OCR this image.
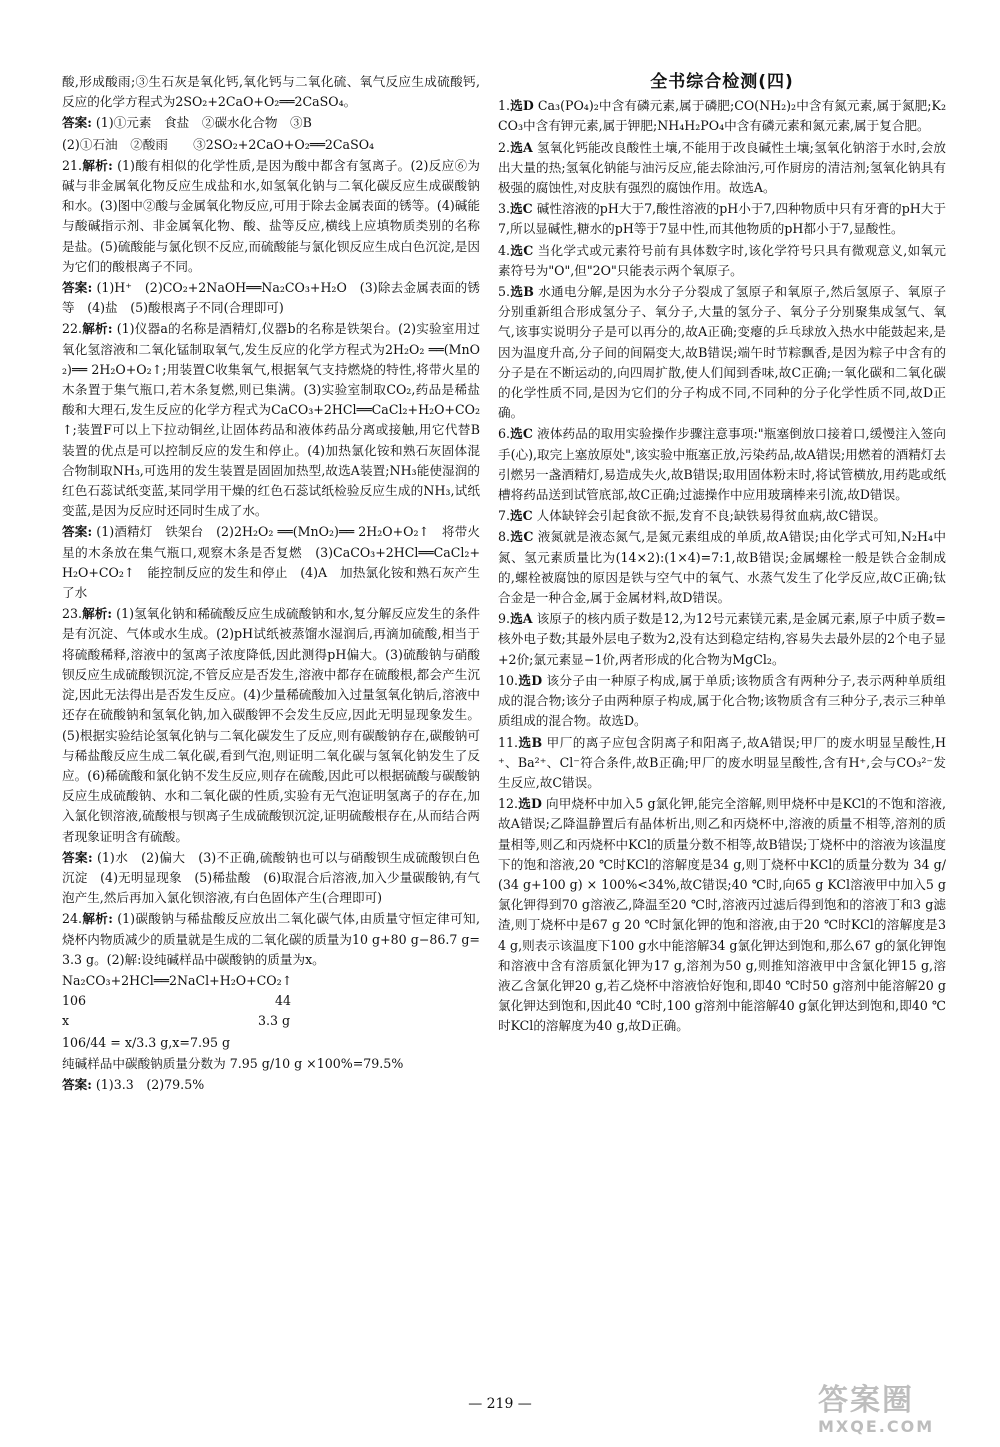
酸,形成酸雨;③生石灰是氧化钙,氧化钙与二氧化硫、氧气反应生成硫酸钙,反应的化学方程式为2SO₂+2CaO+O₂══2CaSO₄。

答案: (1)①元素　食盐　②碳水化合物　③B

(2)①石油　②酸雨　　③2SO₂+2CaO+O₂══2CaSO₄

21.解析: (1)酸有相似的化学性质,是因为酸中都含有氢离子。(2)反应⑥为碱与非金属氧化物反应生成盐和水,如氢氧化钠与二氧化碳反应生成碳酸钠和水。(3)图中②酸与金属氧化物反应,可用于除去金属表面的锈等。(4)碱能与酸碱指示剂、非金属氧化物、酸、盐等反应,横线上应填物质类别的名称是盐。(5)硫酸能与氯化钡不反应,而硫酸能与氯化钡反应生成白色沉淀,是因为它们的酸根离子不同。

答案: (1)H⁺　(2)CO₂+2NaOH══Na₂CO₃+H₂O　(3)除去金属表面的锈等　(4)盐　(5)酸根离子不同(合理即可)

22.解析: (1)仪器a的名称是酒精灯,仪器b的名称是铁架台。(2)实验室用过氧化氢溶液和二氧化锰制取氧气,发生反应的化学方程式为2H₂O₂ ══(MnO₂)══ 2H₂O+O₂↑;用装置C收集氧气,根据氧气支持燃烧的特性,将带火星的木条置于集气瓶口,若木条复燃,则已集满。(3)实验室制取CO₂,药品是稀盐酸和大理石,发生反应的化学方程式为CaCO₃+2HCl══CaCl₂+H₂O+CO₂↑;装置F可以上下拉动铜丝,让固体药品和液体药品分离或接触,用它代替B装置的优点是可以控制反应的发生和停止。(4)加热氯化铵和熟石灰固体混合物制取NH₃,可选用的发生装置是固固加热型,故选A装置;NH₃能使湿润的红色石蕊试纸变蓝,某同学用干燥的红色石蕊试纸检验反应生成的NH₃,试纸变蓝,是因为反应时还同时生成了水。

答案: (1)酒精灯　铁架台　(2)2H₂O₂ ══(MnO₂)══ 2H₂O+O₂↑　将带火星的木条放在集气瓶口,观察木条是否复燃　(3)CaCO₃+2HCl══CaCl₂+H₂O+CO₂↑　能控制反应的发生和停止　(4)A　加热氯化铵和熟石灰产生了水

23.解析: (1)氢氧化钠和稀硫酸反应生成硫酸钠和水,复分解反应发生的条件是有沉淀、气体或水生成。(2)pH试纸被蒸馏水湿润后,再滴加硫酸,相当于将硫酸稀释,溶液中的氢离子浓度降低,因此测得pH偏大。(3)硫酸钠与硝酸钡反应生成硫酸钡沉淀,不管反应是否发生,溶液中都存在硫酸根,都会产生沉淀,因此无法得出是否发生反应。(4)少量稀硫酸加入过量氢氧化钠后,溶液中还存在硫酸钠和氢氧化钠,加入碳酸钾不会发生反应,因此无明显现象发生。(5)根据实验结论氢氧化钠与二氧化碳发生了反应,则有碳酸钠存在,碳酸钠可与稀盐酸反应生成二氧化碳,看到气泡,则证明二氧化碳与氢氧化钠发生了反应。(6)稀硫酸和氯化钠不发生反应,则存在硫酸,因此可以根据硫酸与碳酸钠反应生成硫酸钠、水和二氧化碳的性质,实验有无气泡证明氢离子的存在,加入氯化钡溶液,硫酸根与钡离子生成硫酸钡沉淀,证明硫酸根存在,从而结合两者现象证明含有硫酸。

答案: (1)水　(2)偏大　(3)不正确,硫酸钠也可以与硝酸钡生成硫酸钡白色沉淀　(4)无明显现象　(5)稀盐酸　(6)取混合后溶液,加入少量碳酸钠,有气泡产生,然后再加入氯化钡溶液,有白色固体产生(合理即可)

24.解析: (1)碳酸钠与稀盐酸反应放出二氧化碳气体,由质量守恒定律可知,烧杯内物质减少的质量就是生成的二氧化碳的质量为10 g+80 g−86.7 g=3.3 g。(2)解:设纯碱样品中碳酸钠的质量为x。

Na₂CO₃+2HCl══2NaCl+H₂O+CO₂↑
106　　　　　　　　　　　　　　　44
x　　　　　　　　　　　　　　　3.3 g

106/44 = x/3.3 g,x=7.95 g

纯碱样品中碳酸钠质量分数为 7.95 g/10 g ×100%=79.5%

答案: (1)3.3　(2)79.5%

全书综合检测(四)

1.选D Ca₃(PO₄)₂中含有磷元素,属于磷肥;CO(NH₂)₂中含有氮元素,属于氮肥;K₂CO₃中含有钾元素,属于钾肥;NH₄H₂PO₄中含有磷元素和氮元素,属于复合肥。

2.选A 氢氧化钙能改良酸性土壤,不能用于改良碱性土壤;氢氧化钠溶于水时,会放出大量的热;氢氧化钠能与油污反应,能去除油污,可作厨房的清洁剂;氢氧化钠具有极强的腐蚀性,对皮肤有强烈的腐蚀作用。故选A。

3.选C 碱性溶液的pH大于7,酸性溶液的pH小于7,四种物质中只有牙膏的pH大于7,所以显碱性,糖水的pH等于7显中性,而其他物质的pH都小于7,显酸性。

4.选C 当化学式或元素符号前有具体数字时,该化学符号只具有微观意义,如氧元素符号为"O",但"2O"只能表示两个氧原子。

5.选B 水通电分解,是因为水分子分裂成了氢原子和氧原子,然后氢原子、氧原子分别重新组合形成氢分子、氧分子,大量的氢分子、氧分子分别聚集成氢气、氧气,该事实说明分子是可以再分的,故A正确;变瘪的乒乓球放入热水中能鼓起来,是因为温度升高,分子间的间隔变大,故B错误;端午时节粽飘香,是因为粽子中含有的分子是在不断运动的,向四周扩散,使人们闻到香味,故C正确;一氧化碳和二氧化碳的化学性质不同,是因为它们的分子构成不同,不同种的分子化学性质不同,故D正确。

6.选C 液体药品的取用实验操作步骤注意事项:"瓶塞倒放口接着口,缓慢注入签向手(心),取完上塞放原处",该实验中瓶塞正放,污染药品,故A错误;用燃着的酒精灯去引燃另一盏酒精灯,易造成失火,故B错误;取用固体粉末时,将试管横放,用药匙或纸槽将药品送到试管底部,故C正确;过滤操作中应用玻璃棒来引流,故D错误。

7.选C 人体缺锌会引起食欲不振,发育不良;缺铁易得贫血病,故C错误。

8.选C 液氮就是液态氮气,是氮元素组成的单质,故A错误;由化学式可知,N₂H₄中氮、氢元素质量比为(14×2):(1×4)=7:1,故B错误;金属螺栓一般是铁合金制成的,螺栓被腐蚀的原因是铁与空气中的氧气、水蒸气发生了化学反应,故C正确;钛合金是一种合金,属于金属材料,故D错误。

9.选A 该原子的核内质子数是12,为12号元素镁元素,是金属元素,原子中质子数=核外电子数;其最外层电子数为2,没有达到稳定结构,容易失去最外层的2个电子显+2价;氯元素显−1价,两者形成的化合物为MgCl₂。

10.选D 该分子由一种原子构成,属于单质;该物质含有两种分子,表示两种单质组成的混合物;该分子由两种原子构成,属于化合物;该物质含有三种分子,表示三种单质组成的混合物。故选D。

11.选B 甲厂的离子应包含阴离子和阳离子,故A错误;甲厂的废水明显呈酸性,H⁺、Ba²⁺、Cl⁻符合条件,故B正确;甲厂的废水明显呈酸性,含有H⁺,会与CO₃²⁻发生反应,故C错误。

12.选D 向甲烧杯中加入5 g氯化钾,能完全溶解,则甲烧杯中是KCl的不饱和溶液,故A错误;乙降温静置后有晶体析出,则乙和丙烧杯中,溶液的质量不相等,溶剂的质量相等,则乙和丙烧杯中KCl的质量分数不相等,故B错误;丁烧杯中的溶液为该温度下的饱和溶液,20 ℃时KCl的溶解度是34 g,则丁烧杯中KCl的质量分数为 34 g/(34 g+100 g) × 100%<34%,故C错误;40 ℃时,向65 g KCl溶液甲中加入5 g氯化钾得到70 g溶液乙,降温至20 ℃时,溶液丙过滤后得到饱和的溶液丁和3 g滤渣,则丁烧杯中是67 g 20 ℃时氯化钾的饱和溶液,由于20 ℃时KCl的溶解度是34 g,则表示该温度下100 g水中能溶解34 g氯化钾达到饱和,那么67 g的氯化钾饱和溶液中含有溶质氯化钾为17 g,溶剂为50 g,则推知溶液甲中含氯化钾15 g,溶液乙含氯化钾20 g,若乙烧杯中溶液恰好饱和,即40 ℃时50 g溶剂中能溶解20 g氯化钾达到饱和,因此40 ℃时,100 g溶剂中能溶解40 g氯化钾达到饱和,即40 ℃时KCl的溶解度为40 g,故D正确。

— 219 —	答案圈
MXQE.COM
